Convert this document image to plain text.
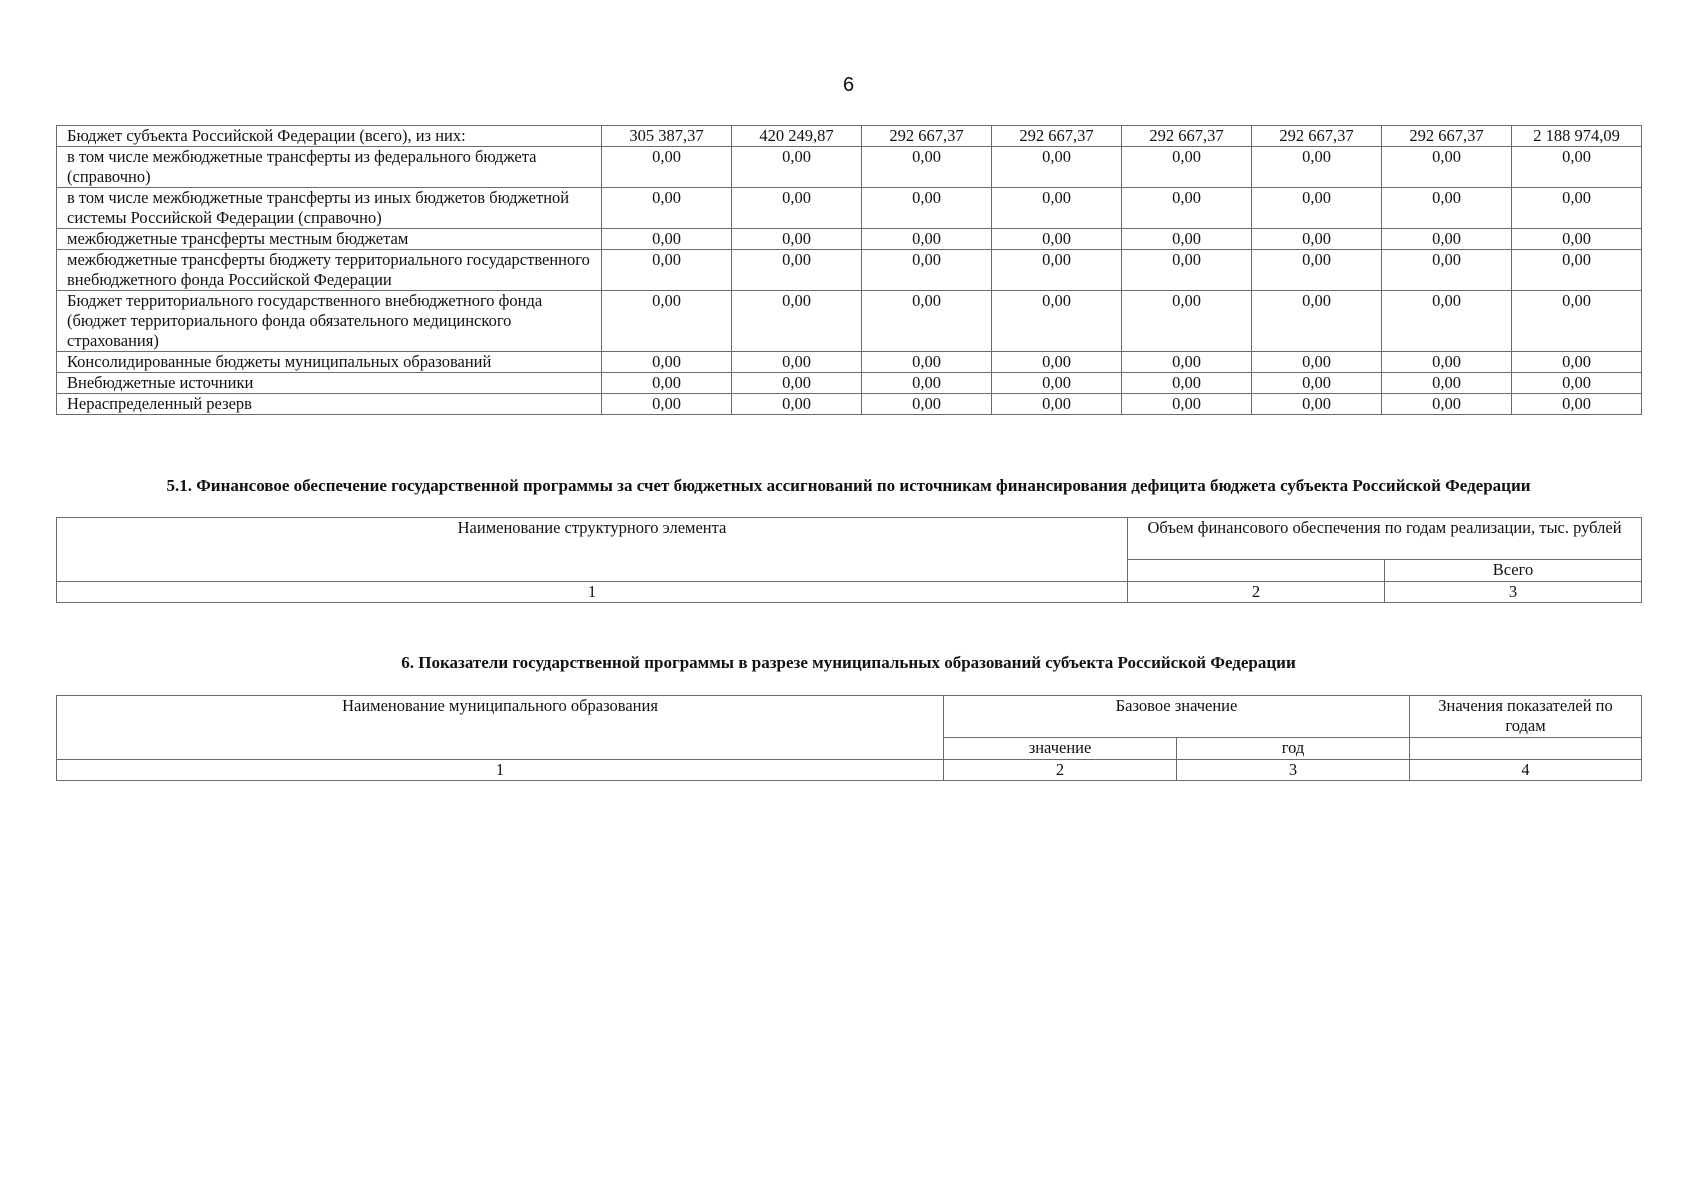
6
Бюджет субъекта Российской Федерации (всего), из них:	305 387,37	420 249,87	292 667,37	292 667,37	292 667,37	292 667,37	292 667,37	2 188 974,09
в том числе межбюджетные трансферты из федерального бюджета (справочно)	0,00	0,00	0,00	0,00	0,00	0,00	0,00	0,00
в том числе межбюджетные трансферты из иных бюджетов бюджетной системы Российской Федерации (справочно)	0,00	0,00	0,00	0,00	0,00	0,00	0,00	0,00
межбюджетные трансферты местным бюджетам	0,00	0,00	0,00	0,00	0,00	0,00	0,00	0,00
межбюджетные трансферты бюджету территориального государственного внебюджетного фонда Российской Федерации	0,00	0,00	0,00	0,00	0,00	0,00	0,00	0,00
Бюджет территориального государственного внебюджетного фонда (бюджет территориального фонда обязательного медицинского страхования)	0,00	0,00	0,00	0,00	0,00	0,00	0,00	0,00
Консолидированные бюджеты муниципальных образований	0,00	0,00	0,00	0,00	0,00	0,00	0,00	0,00
Внебюджетные источники	0,00	0,00	0,00	0,00	0,00	0,00	0,00	0,00
Нераспределенный резерв	0,00	0,00	0,00	0,00	0,00	0,00	0,00	0,00
5.1. Финансовое обеспечение государственной программы за счет бюджетных ассигнований по источникам финансирования дефицита бюджета субъекта Российской Федерации
Наименование структурного элемента	Объем финансового обеспечения по годам реализации, тыс. рублей	
		Всего
1	2	3
6. Показатели государственной программы в разрезе муниципальных образований субъекта Российской Федерации
Наименование муниципального образования	Базовое значение		Значения показателей по годам
	значение	год	
1	2	3	4
